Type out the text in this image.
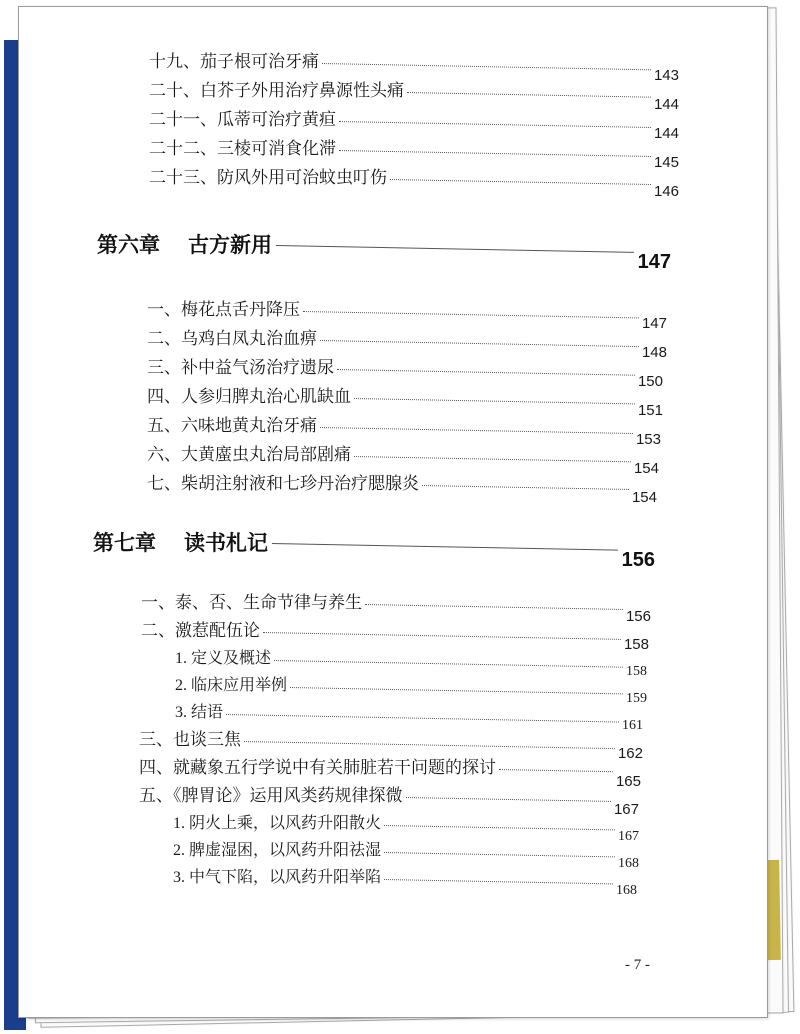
十九、茄子根可治牙痛
143
二十、白芥子外用治疗鼻源性头痛
144
二十一、瓜蒂可治疗黄疸
144
二十二、三棱可消食化滞
145
二十三、防风外用可治蚊虫叮伤
146
第六章 古方新用
147
一、梅花点舌丹降压
147
二、乌鸡白凤丸治血痹
148
三、补中益气汤治疗遗尿
150
四、人参归脾丸治心肌缺血
151
五、六味地黄丸治牙痛
153
六、大黄䗪虫丸治局部剧痛
154
七、柴胡注射液和七珍丹治疗腮腺炎
154
第七章 读书札记
156
一、泰、否、生命节律与养生
156
二、激惹配伍论
158
1. 定义及概述
158
2. 临床应用举例
159
3. 结语
161
三、也谈三焦
162
四、就藏象五行学说中有关肺脏若干问题的探讨
165
五、《脾胃论》运用风类药规律探微
167
1. 阴火上乘，以风药升阳散火
167
2. 脾虚湿困，以风药升阳祛湿
168
3. 中气下陷，以风药升阳举陷
168
- 7 -
